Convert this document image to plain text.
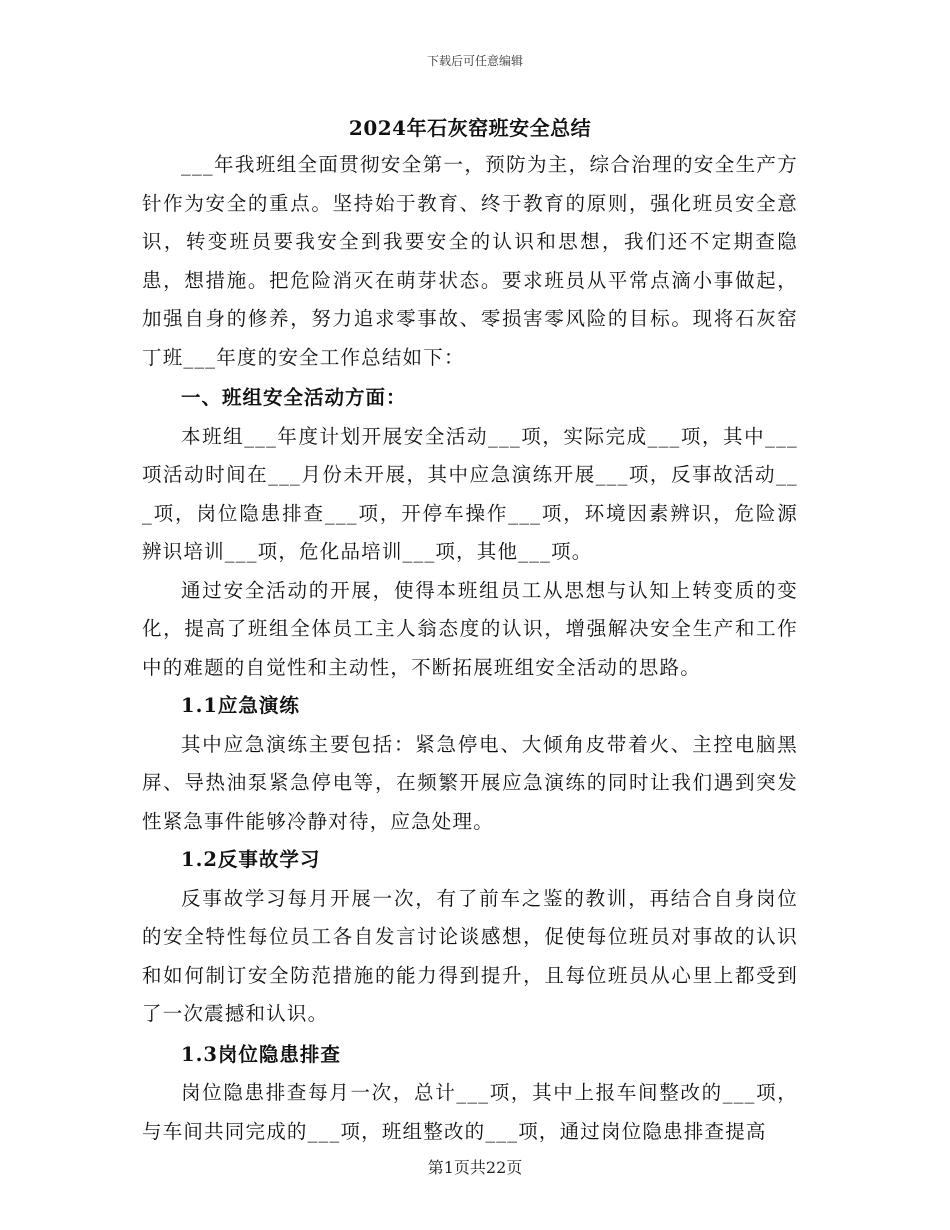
下载后可任意编辑
2024年石灰窑班安全总结

___年我班组全面贯彻安全第一，预防为主，综合治理的安全生产方针作为安全的重点。坚持始于教育、终于教育的原则，强化班员安全意识，转变班员要我安全到我要安全的认识和思想，我们还不定期查隐患，想措施。把危险消灭在萌芽状态。要求班员从平常点滴小事做起，加强自身的修养，努力追求零事故、零损害零风险的目标。现将石灰窑丁班___年度的安全工作总结如下：

一、班组安全活动方面：

本班组___年度计划开展安全活动___项，实际完成___项，其中___项活动时间在___月份未开展，其中应急演练开展___项，反事故活动___项，岗位隐患排查___项，开停车操作___项，环境因素辨识，危险源辨识培训___项，危化品培训___项，其他___项。

通过安全活动的开展，使得本班组员工从思想与认知上转变质的变化，提高了班组全体员工主人翁态度的认识，增强解决安全生产和工作中的难题的自觉性和主动性，不断拓展班组安全活动的思路。

1.1应急演练

其中应急演练主要包括：紧急停电、大倾角皮带着火、主控电脑黑屏、导热油泵紧急停电等，在频繁开展应急演练的同时让我们遇到突发性紧急事件能够冷静对待，应急处理。

1.2反事故学习

反事故学习每月开展一次，有了前车之鉴的教训，再结合自身岗位的安全特性每位员工各自发言讨论谈感想，促使每位班员对事故的认识和如何制订安全防范措施的能力得到提升，且每位班员从心里上都受到了一次震撼和认识。

1.3岗位隐患排查

岗位隐患排查每月一次，总计___项，其中上报车间整改的___项，与车间共同完成的___项，班组整改的___项，通过岗位隐患排查提高

第1页共22页
